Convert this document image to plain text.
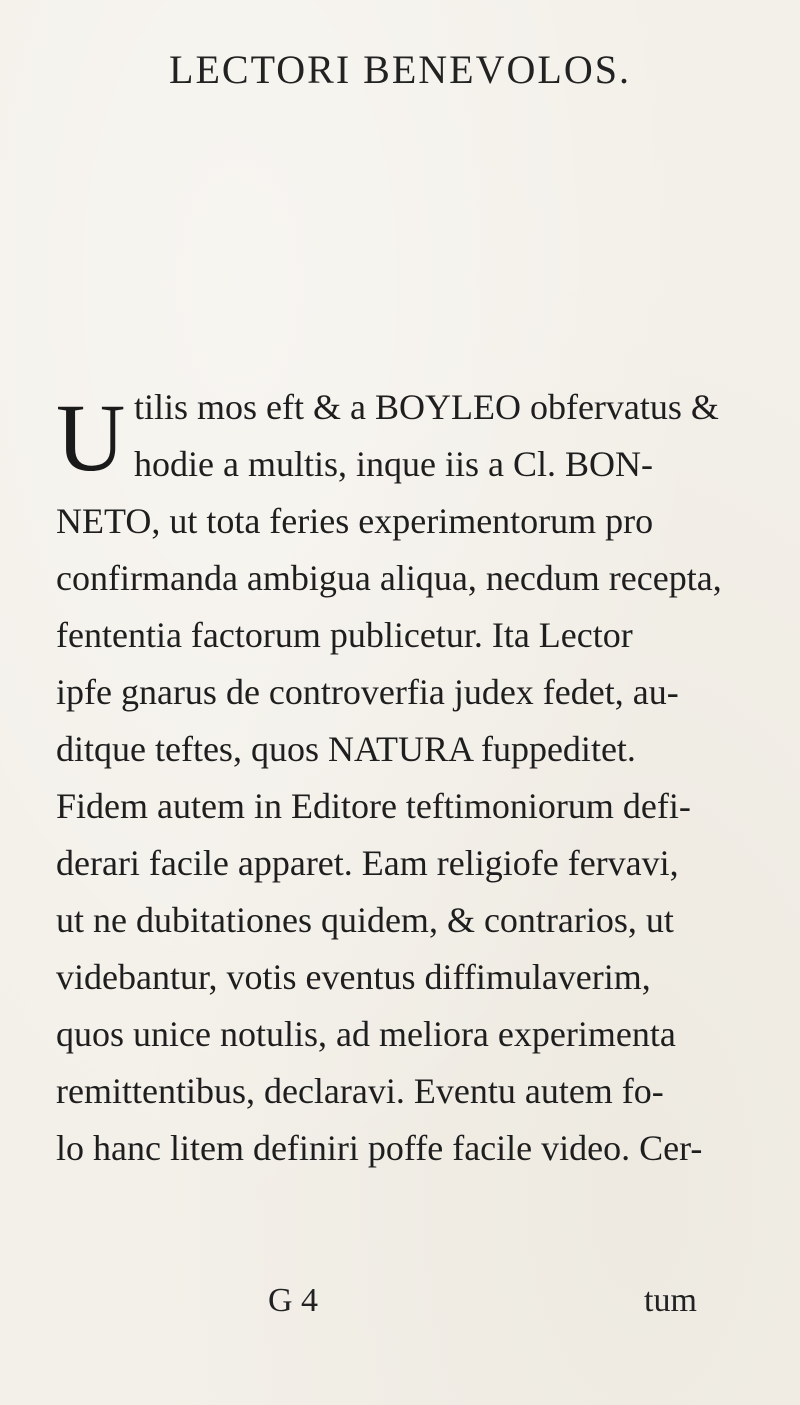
LECTORI BENEVOLOS.
U tilis mos eft & a BOYLEO obfervatus &
hodie a multis, inque iis a Cl. BON-
NETO, ut tota feries experimentorum pro
confirmanda ambigua aliqua, necdum recepta,
fententia factorum publicetur. Ita Lector
ipfe gnarus de controverfia judex fedet, au-
ditque teftes, quos NATURA fuppeditet.
Fidem autem in Editore teftimoniorum defi-
derari facile apparet. Eam religiofe fervavi,
ut ne dubitationes quidem, & contrarios, ut
videbantur, votis eventus diffimulaverim,
quos unice notulis, ad meliora experimenta
remittentibus, declaravi. Eventu autem fo-
lo hanc litem definiri poffe facile video. Cer-
G 4	tum
